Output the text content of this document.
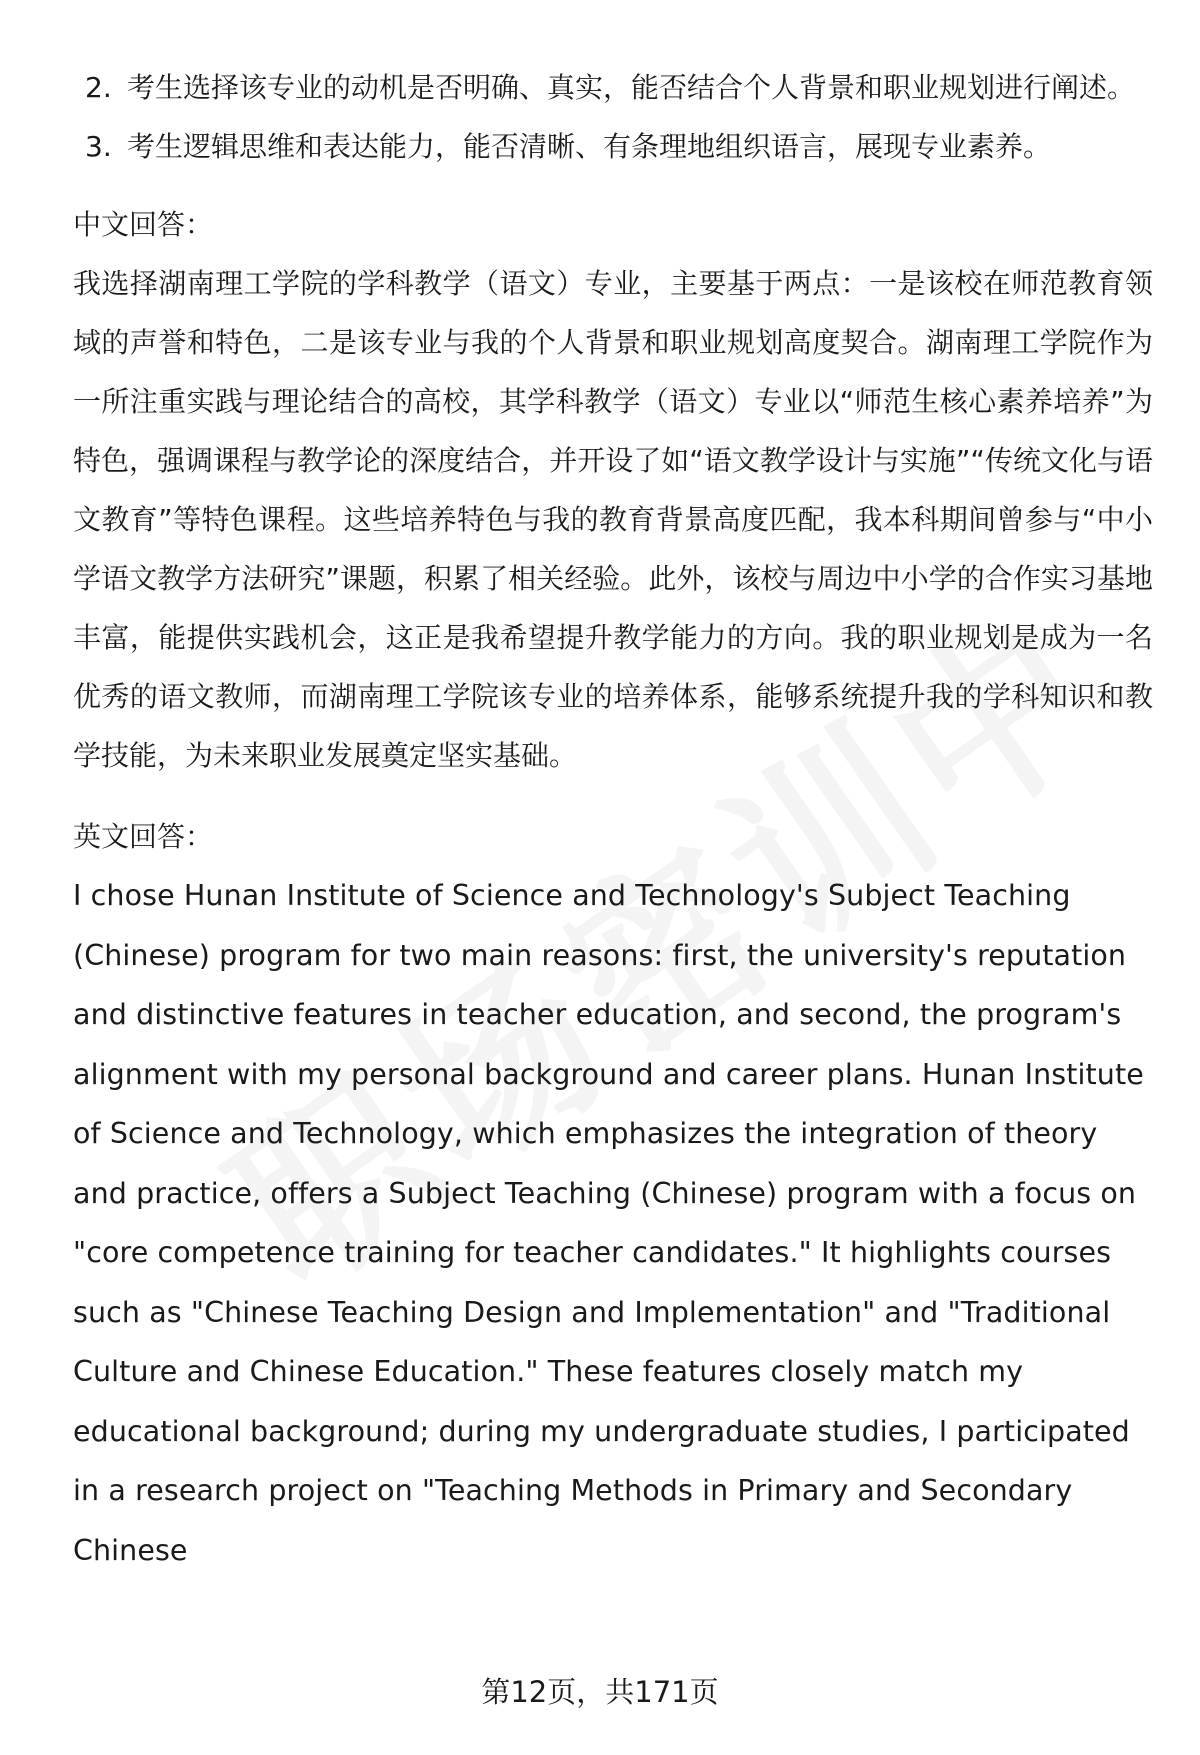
2. 考生选择该专业的动机是否明确、真实，能否结合个人背景和职业规划进行阐述。
3. 考生逻辑思维和表达能力，能否清晰、有条理地组织语言，展现专业素养。
中文回答：

我选择湖南理工学院的学科教学（语文）专业，主要基于两点：一是该校在师范教育领域的声誉和特色，二是该专业与我的个人背景和职业规划高度契合。湖南理工学院作为一所注重实践与理论结合的高校，其学科教学（语文）专业以“师范生核心素养培养”为特色，强调课程与教学论的深度结合，并开设了如“语文教学设计与实施”“传统文化与语文教育”等特色课程。这些培养特色与我的教育背景高度匹配，我本科期间曾参与“中小学语文教学方法研究”课题，积累了相关经验。此外，该校与周边中小学的合作实习基地丰富，能提供实践机会，这正是我希望提升教学能力的方向。我的职业规划是成为一名优秀的语文教师，而湖南理工学院该专业的培养体系，能够系统提升我的学科知识和教学技能，为未来职业发展奠定坚实基础。

英文回答：

I chose Hunan Institute of Science and Technology's Subject Teaching (Chinese) program for two main reasons: first, the university's reputation and distinctive features in teacher education, and second, the program's alignment with my personal background and career plans. Hunan Institute of Science and Technology, which emphasizes the integration of theory and practice, offers a Subject Teaching (Chinese) program with a focus on "core competence training for teacher candidates." It highlights courses such as "Chinese Teaching Design and Implementation" and "Traditional Culture and Chinese Education." These features closely match my educational background; during my undergraduate studies, I participated in a research project on "Teaching Methods in Primary and Secondary Chinese

第12页，共171页
